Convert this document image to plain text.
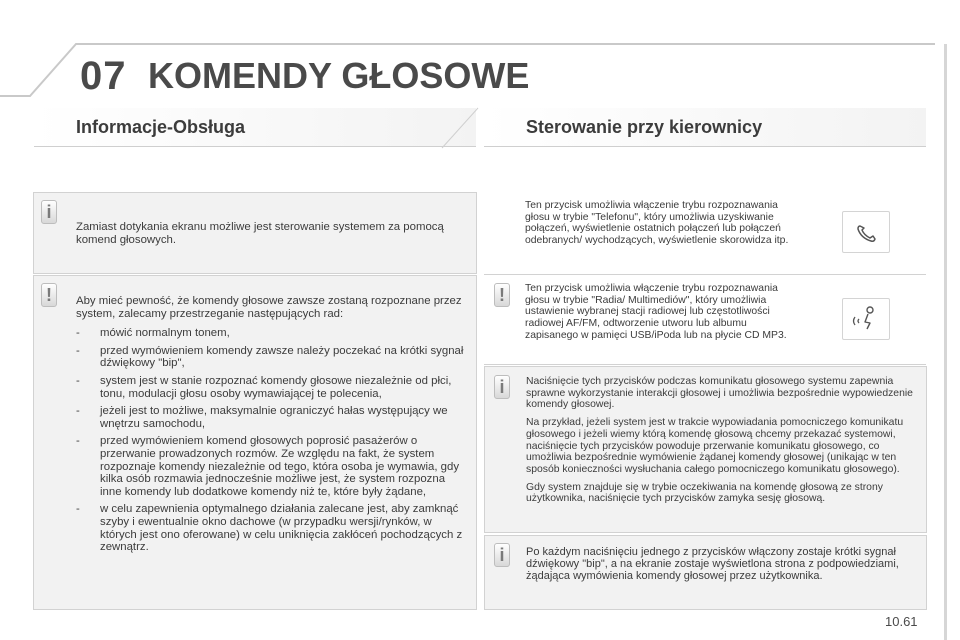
07 KOMENDY GŁOSOWE
Informacje-Obsługa	Sterowanie przy kierownicy
i
Zamiast dotykania ekranu możliwe jest sterowanie systemem za pomocą komend głosowych.
!	Aby mieć pewność, że komendy głosowe zawsze zostaną rozpoznane przez system, zalecamy przestrzeganie następujących rad:

- mówić normalnym tonem,
- przed wymówieniem komendy zawsze należy poczekać na krótki sygnał dźwiękowy "bip",
- system jest w stanie rozpoznać komendy głosowe niezależnie od płci, tonu, modulacji głosu osoby wymawiającej te polecenia,
- jeżeli jest to możliwe, maksymalnie ograniczyć hałas występujący we wnętrzu samochodu,
- przed wymówieniem komend głosowych poprosić pasażerów o przerwanie prowadzonych rozmów. Ze względu na fakt, że system rozpoznaje komendy niezależnie od tego, która osoba je wymawia, gdy kilka osób rozmawia jednocześnie możliwe jest, że system rozpozna inne komendy lub dodatkowe komendy niż te, które były żądane,
- w celu zapewnienia optymalnego działania zalecane jest, aby zamknąć szyby i ewentualnie okno dachowe (w przypadku wersji/rynków, w których jest ono oferowane) w celu uniknięcia zakłóceń pochodzących z zewnątrz.
Ten przycisk umożliwia włączenie trybu rozpoznawania głosu w trybie "Telefonu", który umożliwia uzyskiwanie połączeń, wyświetlenie ostatnich połączeń lub połączeń odebranych/ wychodzących, wyświetlenie skorowidza itp.
Ten przycisk umożliwia włączenie trybu rozpoznawania głosu w trybie "Radia/ Multimediów", który umożliwia ustawienie wybranej stacji radiowej lub częstotliwości radiowej AF/FM, odtworzenie utworu lub albumu zapisanego w pamięci USB/iPoda lub na płycie CD MP3.
!
i	Naciśnięcie tych przycisków podczas komunikatu głosowego systemu zapewnia sprawne wykorzystanie interakcji głosowej i umożliwia bezpośrednie wypowiedzenie komendy głosowej.

Na przykład, jeżeli system jest w trakcie wypowiadania pomocniczego komunikatu głosowego i jeżeli wiemy którą komendę głosową chcemy przekazać systemowi, naciśnięcie tych przycisków powoduje przerwanie komunikatu głosowego, co umożliwia bezpośrednie wymówienie żądanej komendy głosowej (unikając w ten sposób konieczności wysłuchania całego pomocniczego komunikatu głosowego).

Gdy system znajduje się w trybie oczekiwania na komendę głosową ze strony użytkownika, naciśnięcie tych przycisków zamyka sesję głosową.

i	Po każdym naciśnięciu jednego z przycisków włączony zostaje krótki sygnał dźwiękowy "bip", a na ekranie zostaje wyświetlona strona z podpowiedziami, żądająca wymówienia komendy głosowej przez użytkownika.
10.61
